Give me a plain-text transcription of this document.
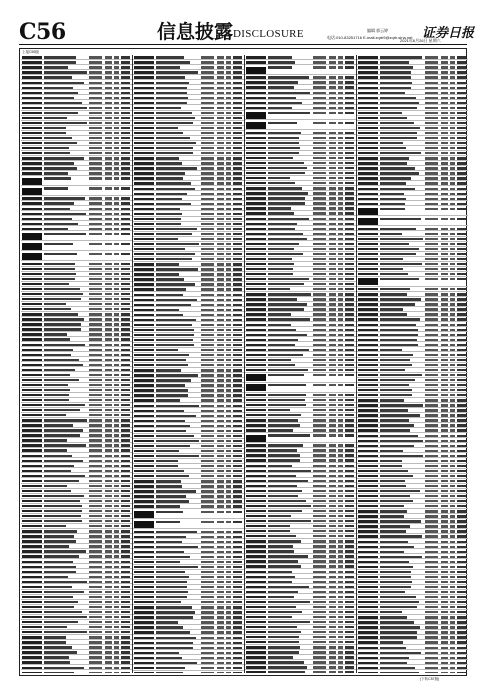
C56	信息披露 DISCLOSURE	编辑 郭云婷
电话:010-83251716 E-mail:zqrb9@zqrb.sina.net 证券日报
2021年6月26日 星期六
上接C55版
(下转C57版)
